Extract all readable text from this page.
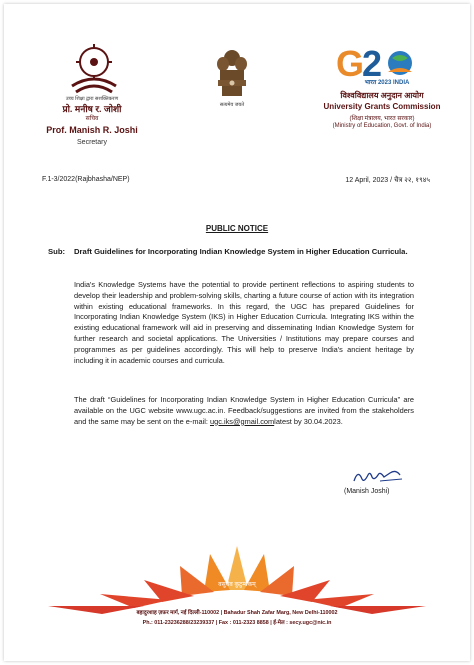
उच्च शिक्षा द्वारा सशक्तिकरण
प्रो. मनीष र. जोशी
सचिव
Prof. Manish R. Joshi
Secretary
सत्यमेव जयते
G
2
भारत 2023 INDIA
विश्वविद्यालय अनुदान आयोग
University Grants Commission
(शिक्षा मंत्रालय, भारत सरकार)
(Ministry of Education, Govt. of India)
F.1-3/2022(Rajbhasha/NEP)	12 April, 2023 / चैत्र २२, १९४५
PUBLIC NOTICE
Sub: Draft Guidelines for Incorporating Indian Knowledge System in Higher Education Curricula.
India's Knowledge Systems have the potential to provide pertinent reflections to aspiring students to develop their leadership and problem-solving skills, charting a future course of action with its integration within existing educational frameworks. In this regard, the UGC has prepared Guidelines for Incorporating Indian Knowledge System (IKS) in Higher Education Curricula. Integrating IKS within the existing educational framework will aid in preserving and disseminating Indian Knowledge System for further research and societal applications. The Universities / Institutions may prepare courses and programmes as per guidelines accordingly. This will help to preserve India's ancient heritage by including it in academic courses and curricula.
The draft “Guidelines for Incorporating Indian Knowledge System in Higher Education Curricula” are available on the UGC website www.ugc.ac.in. Feedback/suggestions are invited from the stakeholders and the same may be sent on the e-mail: ugc.iks@gmail.comlatest by 30.04.2023.
(Manish Joshi)
वसुधैव कुटुम्बकम्
ONE EARTH • ONE FAMILY • ONE FUTURE
बहादुरशाह ज़फ़र मार्ग, नई दिल्ली-110002 | Bahadur Shah Zafar Marg, New Delhi-110002
Ph.: 011-23236288/23239337 | Fax : 011-2323 8858 | ई-मेल : secy.ugc@nic.in
